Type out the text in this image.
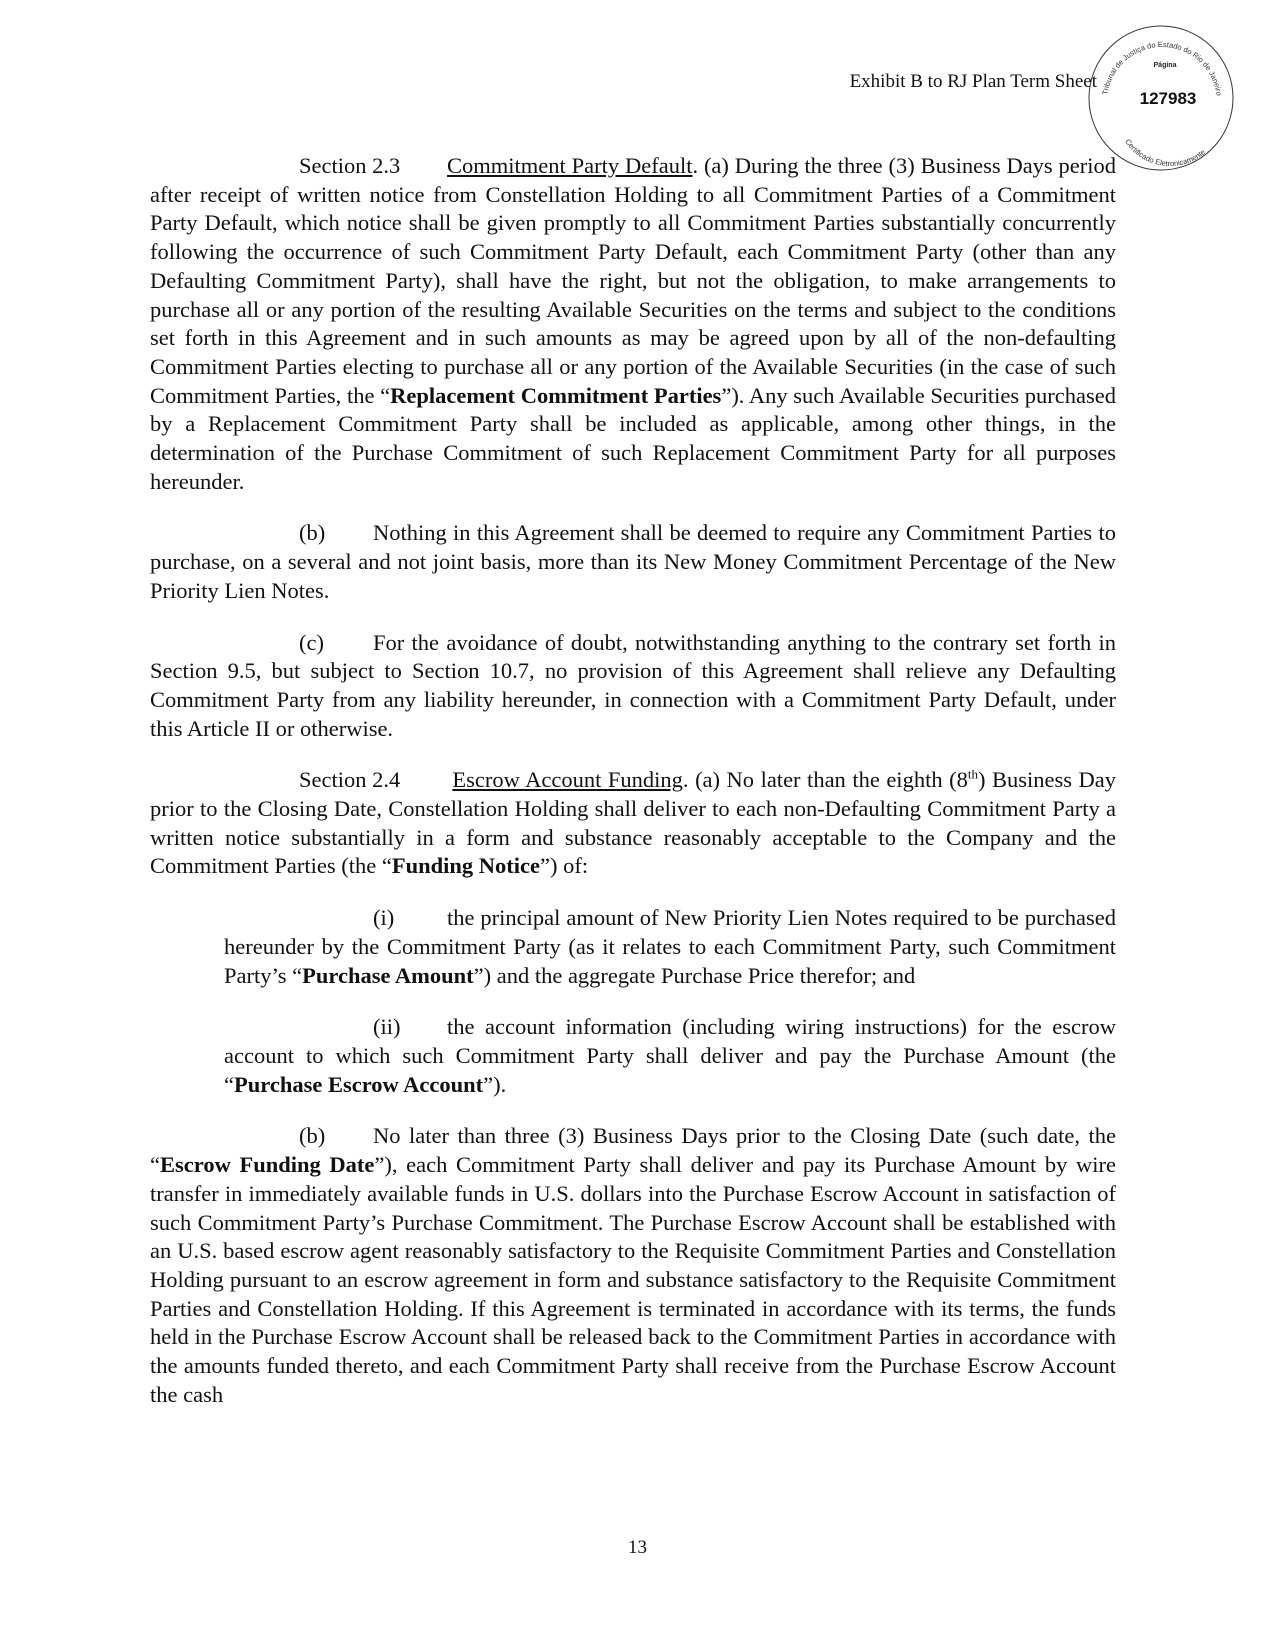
Exhibit B to RJ Plan Term Sheet
Tribunal de Justiça do Estado do Rio de Janeiro
Página
127983
Certificado Eletronicamente

Section 2.3 Commitment Party Default. (a) During the three (3) Business Days period after receipt of written notice from Constellation Holding to all Commitment Parties of a Commitment Party Default, which notice shall be given promptly to all Commitment Parties substantially concurrently following the occurrence of such Commitment Party Default, each Commitment Party (other than any Defaulting Commitment Party), shall have the right, but not the obligation, to make arrangements to purchase all or any portion of the resulting Available Securities on the terms and subject to the conditions set forth in this Agreement and in such amounts as may be agreed upon by all of the non-defaulting Commitment Parties electing to purchase all or any portion of the Available Securities (in the case of such Commitment Parties, the “Replacement Commitment Parties”). Any such Available Securities purchased by a Replacement Commitment Party shall be included as applicable, among other things, in the determination of the Purchase Commitment of such Replacement Commitment Party for all purposes hereunder.

(b) Nothing in this Agreement shall be deemed to require any Commitment Parties to purchase, on a several and not joint basis, more than its New Money Commitment Percentage of the New Priority Lien Notes.

(c) For the avoidance of doubt, notwithstanding anything to the contrary set forth in Section 9.5, but subject to Section 10.7, no provision of this Agreement shall relieve any Defaulting Commitment Party from any liability hereunder, in connection with a Commitment Party Default, under this Article II or otherwise.

Section 2.4 Escrow Account Funding. (a) No later than the eighth (8th) Business Day prior to the Closing Date, Constellation Holding shall deliver to each non-Defaulting Commitment Party a written notice substantially in a form and substance reasonably acceptable to the Company and the Commitment Parties (the “Funding Notice”) of:

(i) the principal amount of New Priority Lien Notes required to be purchased hereunder by the Commitment Party (as it relates to each Commitment Party, such Commitment Party’s “Purchase Amount”) and the aggregate Purchase Price therefor; and

(ii) the account information (including wiring instructions) for the escrow account to which such Commitment Party shall deliver and pay the Purchase Amount (the “Purchase Escrow Account”).

(b) No later than three (3) Business Days prior to the Closing Date (such date, the “Escrow Funding Date”), each Commitment Party shall deliver and pay its Purchase Amount by wire transfer in immediately available funds in U.S. dollars into the Purchase Escrow Account in satisfaction of such Commitment Party’s Purchase Commitment. The Purchase Escrow Account shall be established with an U.S. based escrow agent reasonably satisfactory to the Requisite Commitment Parties and Constellation Holding pursuant to an escrow agreement in form and substance satisfactory to the Requisite Commitment Parties and Constellation Holding. If this Agreement is terminated in accordance with its terms, the funds held in the Purchase Escrow Account shall be released back to the Commitment Parties in accordance with the amounts funded thereto, and each Commitment Party shall receive from the Purchase Escrow Account the cash

13
